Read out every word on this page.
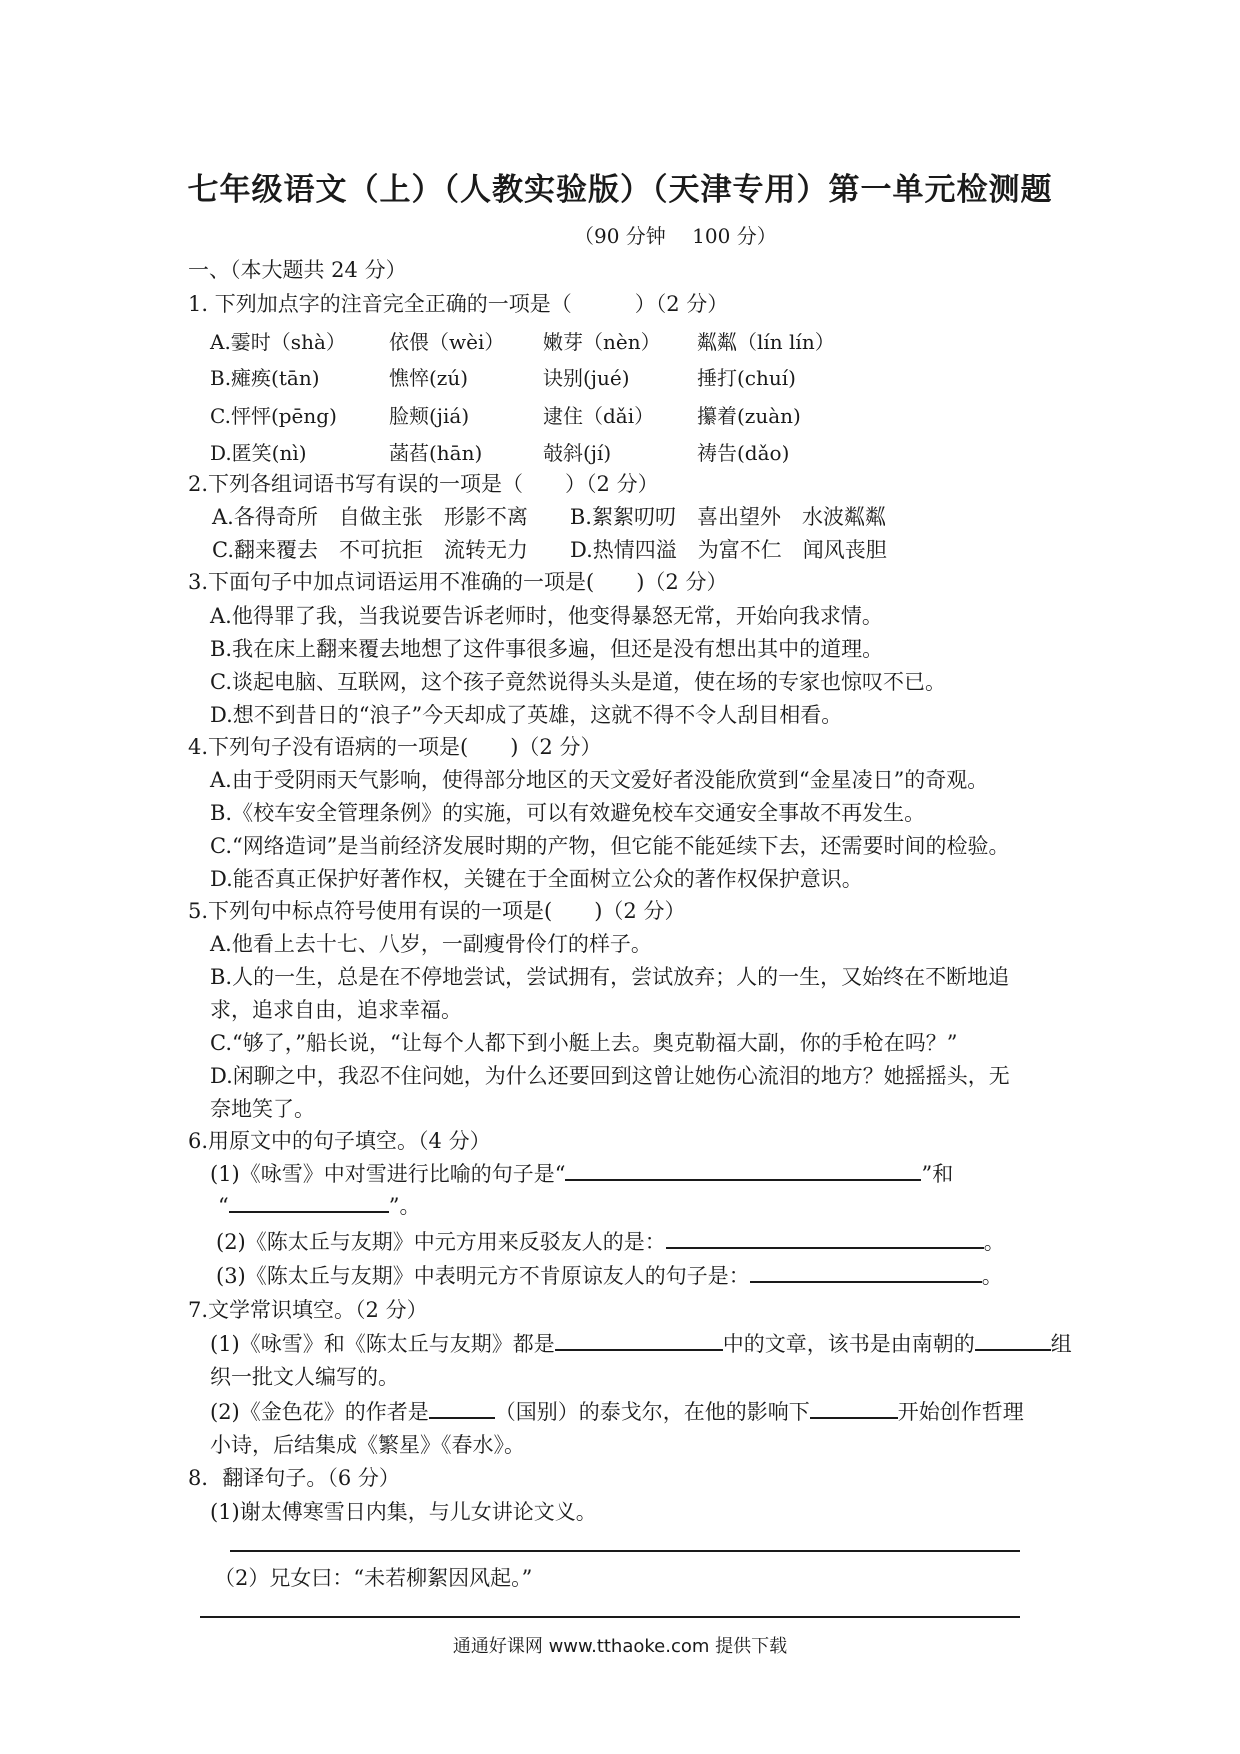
七年级语文（上）（人教实验版）（天津专用）第一单元检测题
（90 分钟　 100 分）
一、（本大题共 24 分）
1. 下列加点字的注音完全正确的一项是（　　　）（2 分）
A.霎时（shà） 依偎（wèi） 嫩芽（nèn） 粼粼（lín lín）
B.瘫痪(tān)	憔悴(zú)	诀别(jué)	捶打(chuí)
C.怦怦(pēng)	脸颊(jiá)	逮住（dǎi） 攥着(zuàn)
D.匿笑(nì)	菡萏(hān)	攲斜(jí)	祷告(dǎo)
2.下列各组词语书写有误的一项是（　　）（2 分）
A.各得奇所　自做主张　形影不离　　B.絮絮叨叨　喜出望外　水波粼粼
C.翻来覆去　不可抗拒　流转无力　　D.热情四溢　为富不仁　闻风丧胆
3.下面句子中加点词语运用不准确的一项是(　　)（2 分）
A.他得罪了我，当我说要告诉老师时，他变得暴怒无常，开始向我求情。
B.我在床上翻来覆去地想了这件事很多遍，但还是没有想出其中的道理。
C.谈起电脑、互联网，这个孩子竟然说得头头是道，使在场的专家也惊叹不已。
D.想不到昔日的“浪子”今天却成了英雄，这就不得不令人刮目相看。
4.下列句子没有语病的一项是(　　)（2 分）
A.由于受阴雨天气影响，使得部分地区的天文爱好者没能欣赏到“金星凌日”的奇观。
B.《校车安全管理条例》的实施，可以有效避免校车交通安全事故不再发生。
C.“网络造词”是当前经济发展时期的产物，但它能不能延续下去，还需要时间的检验。
D.能否真正保护好著作权，关键在于全面树立公众的著作权保护意识。
5.下列句中标点符号使用有误的一项是(　　)（2 分）
A.他看上去十七、八岁，一副瘦骨伶仃的样子。
B.人的一生，总是在不停地尝试，尝试拥有，尝试放弃；人的一生，又始终在不断地追
求，追求自由，追求幸福。
C.“够了，”船长说，“让每个人都下到小艇上去。奥克勒福大副，你的手枪在吗？”
D.闲聊之中，我忍不住问她，为什么还要回到这曾让她伤心流泪的地方？她摇摇头，无
奈地笑了。
6.用原文中的句子填空。（4 分）
(1)《咏雪》中对雪进行比喻的句子是“	”和
“	”。
(2)《陈太丘与友期》中元方用来反驳友人的是：	。
(3)《陈太丘与友期》中表明元方不肯原谅友人的句子是：	。
7.文学常识填空。（2 分）
(1)《咏雪》和《陈太丘与友期》都是	中的文章，该书是由南朝的	组
织一批文人编写的。
(2)《金色花》的作者是	（国别）的泰戈尔，在他的影响下	开始创作哲理
小诗，后结集成《繁星》《春水》。
8．翻译句子。（6 分）
(1)谢太傅寒雪日内集，与儿女讲论文义。
（2）兄女曰：“未若柳絮因风起。”
通通好课网 www.tthaoke.com 提供下载
